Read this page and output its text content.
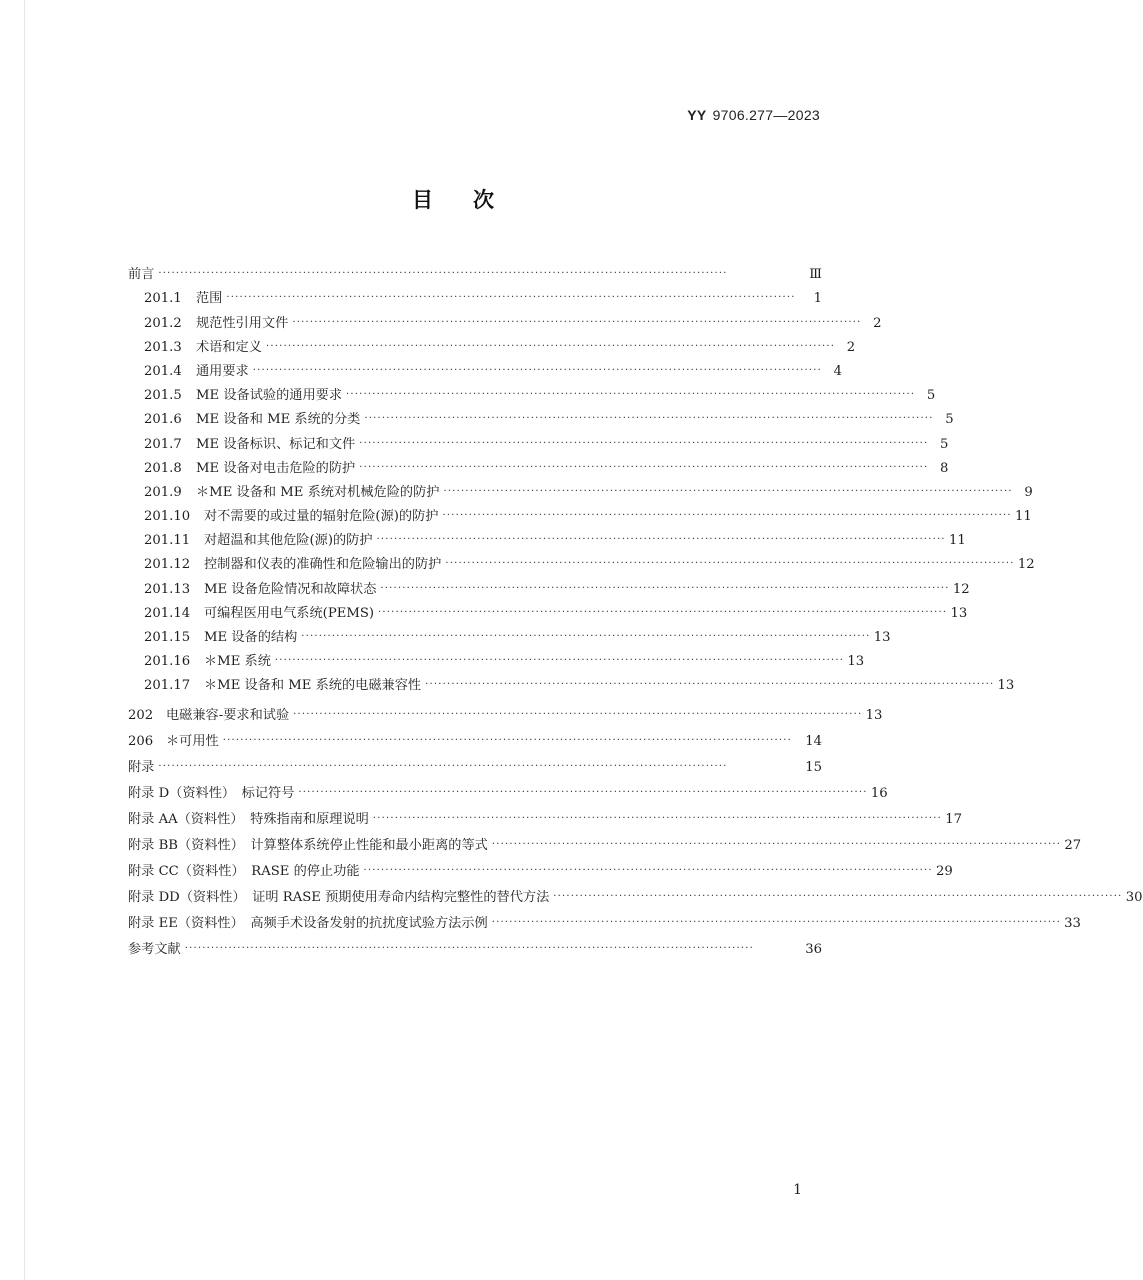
YY 9706.277—2023
目次
前言 ··································································································································	Ⅲ
201.1	范围 ··································································································································	1
201.2	规范性引用文件 ·································································································································· 2
201.3	术语和定义 ·································································································································· 2
201.4	通用要求 ·································································································································· 4
201.5	ME 设备试验的通用要求 ·································································································································· 5
201.6	ME 设备和 ME 系统的分类 ·································································································································· 5
201.7	ME 设备标识、标记和文件 ·································································································································· 5
201.8	ME 设备对电击危险的防护 ·································································································································· 8
201.9	＊ME 设备和 ME 系统对机械危险的防护 ·································································································································· 9
201.10	对不需要的或过量的辐射危险(源)的防护 ·································································································································· 11
201.11	对超温和其他危险(源)的防护 ·································································································································· 11
201.12	控制器和仪表的准确性和危险输出的防护 ·································································································································· 12
201.13	ME 设备危险情况和故障状态 ·································································································································· 12
201.14	可编程医用电气系统(PEMS) ·································································································································· 13
201.15	ME 设备的结构 ·································································································································· 13
201.16	＊ME 系统 ·································································································································· 13
201.17	＊ME 设备和 ME 系统的电磁兼容性 ·································································································································· 13
202 电磁兼容-要求和试验 ·································································································································· 13
206 ＊可用性 ··································································································································	14
附录 ··································································································································	15
附录 D（资料性）　标记符号 ·································································································································· 16
附录 AA（资料性）　特殊指南和原理说明 ·································································································································· 17
附录 BB（资料性）　计算整体系统停止性能和最小距离的等式 ·································································································································· 27
附录 CC（资料性）　RASE 的停止功能 ·································································································································· 29
附录 DD（资料性）　证明 RASE 预期使用寿命内结构完整性的替代方法 ·································································································································· 30
附录 EE（资料性）　高频手术设备发射的抗扰度试验方法示例 ·································································································································· 33
参考文献 ··································································································································	36
1
